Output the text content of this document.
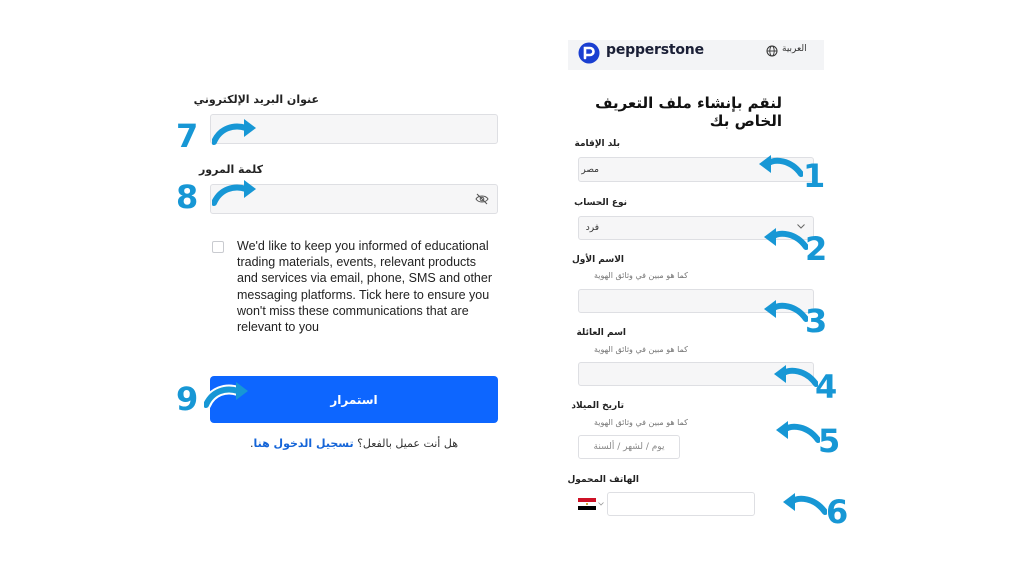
pepperstone	العربية
لنقم بإنشاء ملف التعريف الخاص بك
بلد الإقامة
مصر
نوع الحساب
فرد
الاسم الأول
كما هو مبين في وثائق الهوية
اسم العائلة
كما هو مبين في وثائق الهوية
تاريخ الميلاد
كما هو مبين في وثائق الهوية
يوم / لشهر / ألسنة
الهاتف المحمول
1
2
3
4
5
6
عنوان البريد الإلكتروني
كلمة المرور
7
8
We'd like to keep you informed of educational trading materials, events, relevant products and services via email, phone, SMS and other messaging platforms. Tick here to ensure you won't miss these communications that are relevant to you
استمرار
9
هل أنت عميل بالفعل؟ تسجيل الدخول هنا.
